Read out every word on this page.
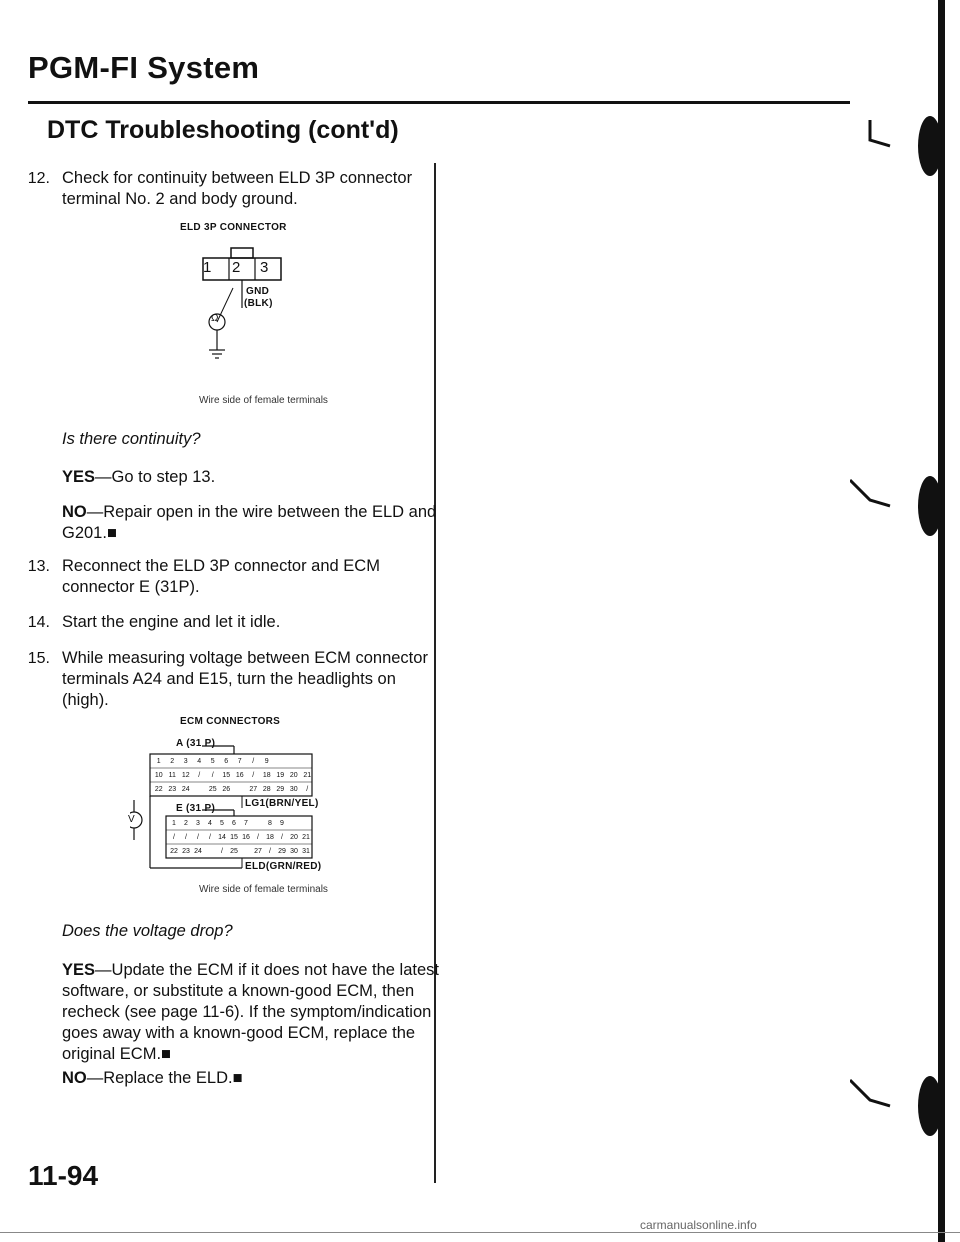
PGM-FI System
DTC Troubleshooting (cont'd)
12. Check for continuity between ELD 3P connector
terminal No. 2 and body ground.
ELD 3P CONNECTOR
1 2 3
Ω
GND
(BLK)
Wire side of female terminals
Is there continuity?
YES—Go to step 13.
NO—Repair open in the wire between the ELD and
G201.■
13. Reconnect the ELD 3P connector and ECM
connector E (31P).
14. Start the engine and let it idle.
15. While measuring voltage between ECM connector
terminals A24 and E15, turn the headlights on
(high).
ECM CONNECTORS
V
A (31 P)
1 2 3 4 5 6 7 / 9
10 11 12 / / 15 16 / 18 19 20 21
22 23 24	25 26	27 28 29 30 /
LG1(BRN/YEL)
E (31 P)
1 2 3 4 5 6 7	8 9
/ / / / 14 15 16 / 18 / 20 21
22 23 24	/ 25 27 / 29 30 31
ELD(GRN/RED)
Wire side of female terminals
Does the voltage drop?
YES—Update the ECM if it does not have the latest
software, or substitute a known-good ECM, then
recheck (see page 11-6). If the symptom/indication
goes away with a known-good ECM, replace the
original ECM.■
NO—Replace the ELD.■
11-94
carmanualsonline.info
